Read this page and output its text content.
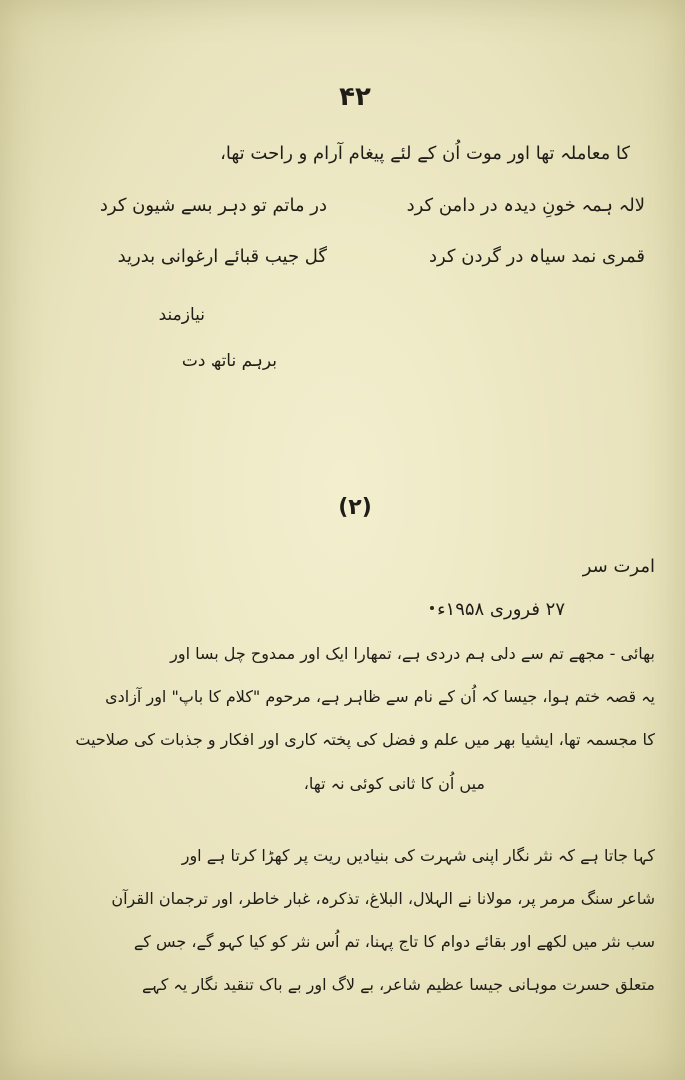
۴۲
کا معاملہ تھا اور موت اُن کے لئے پیغام آرام و راحت تھا،
لالہ ہمہ خونِ دیدہ در دامن کرد
در ماتم تو دہر بسے شیون کرد
قمری نمد سیاہ در گردن کرد
گل جیب قبائے ارغوانی بدرید
نیازمند
برہم ناتھ دت
(۲)
امرت سر
۲۷ فروری ۱۹۵۸ء
بھائی - مجھے تم سے دلی ہم دردی ہے، تمھارا ایک اور ممدوح چل بسا اور
یہ قصہ ختم ہوا، جیسا کہ اُن کے نام سے ظاہر ہے، مرحوم "کلام کا باپ" اور آزادی
کا مجسمہ تھا، ایشیا بھر میں علم و فضل کی پختہ کاری اور افکار و جذبات کی صلاحیت
میں اُن کا ثانی کوئی نہ تھا،
کہا جاتا ہے کہ نثر نگار اپنی شہرت کی بنیادیں ریت پر کھڑا کرتا ہے اور
شاعر سنگ مرمر پر، مولانا نے الہلال، البلاغ، تذکرہ، غبار خاطر، اور ترجمان القرآن
سب نثر میں لکھے اور بقائے دوام کا تاج پہنا، تم اُس نثر کو کیا کہو گے، جس کے
متعلق حسرت موہانی جیسا عظیم شاعر، بے لاگ اور بے باک تنقید نگار یہ کہے
